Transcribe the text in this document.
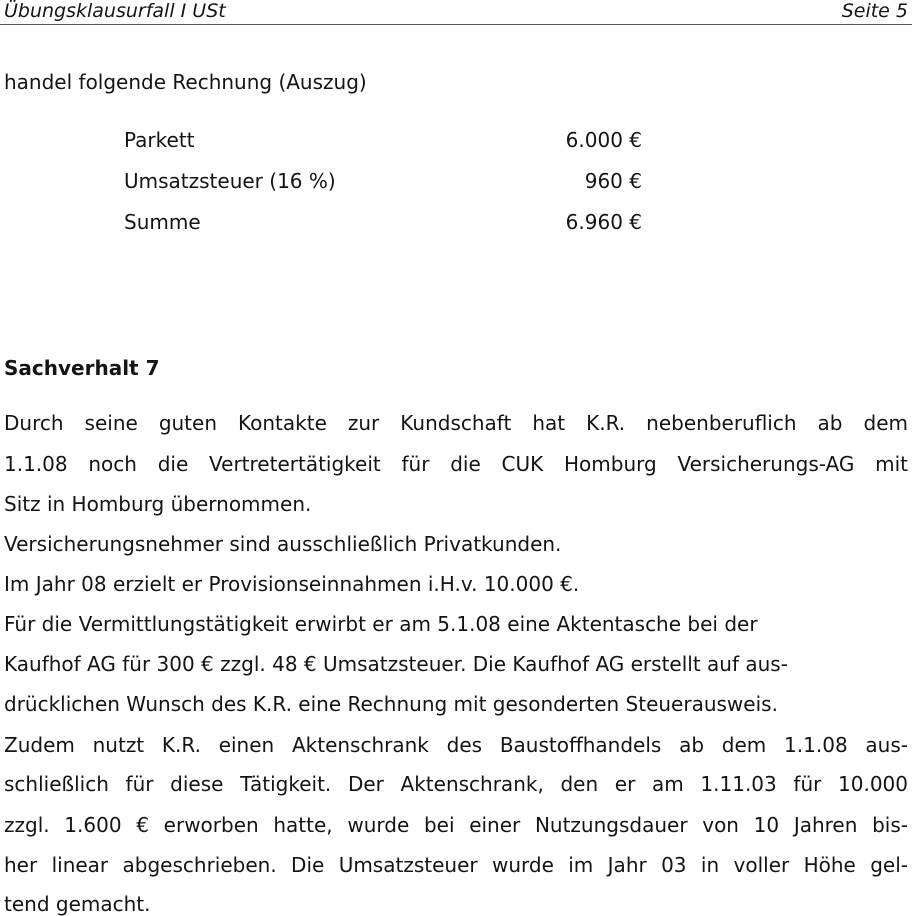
Übungsklausurfall I USt	Seite 5
handel folgende Rechnung (Auszug)
Parkett	6.000 €
Umsatzsteuer (16 %)	960 €
Summe	6.960 €
Sachverhalt 7
Durch seine guten Kontakte zur Kundschaft hat K.R. nebenberuflich ab dem
1.1.08 noch die Vertretertätigkeit für die CUK Homburg Versicherungs-AG mit
Sitz in Homburg übernommen.
Versicherungsnehmer sind ausschließlich Privatkunden.
Im Jahr 08 erzielt er Provisionseinnahmen i.H.v. 10.000 €.
Für die Vermittlungstätigkeit erwirbt er am 5.1.08 eine Aktentasche bei der
Kaufhof AG für 300 € zzgl. 48 € Umsatzsteuer. Die Kaufhof AG erstellt auf aus-
drücklichen Wunsch des K.R. eine Rechnung mit gesonderten Steuerausweis.
Zudem nutzt K.R. einen Aktenschrank des Baustoffhandels ab dem 1.1.08 aus-
schließlich für diese Tätigkeit. Der Aktenschrank, den er am 1.11.03 für 10.000
zzgl. 1.600 € erworben hatte, wurde bei einer Nutzungsdauer von 10 Jahren bis-
her linear abgeschrieben. Die Umsatzsteuer wurde im Jahr 03 in voller Höhe gel-
tend gemacht.
